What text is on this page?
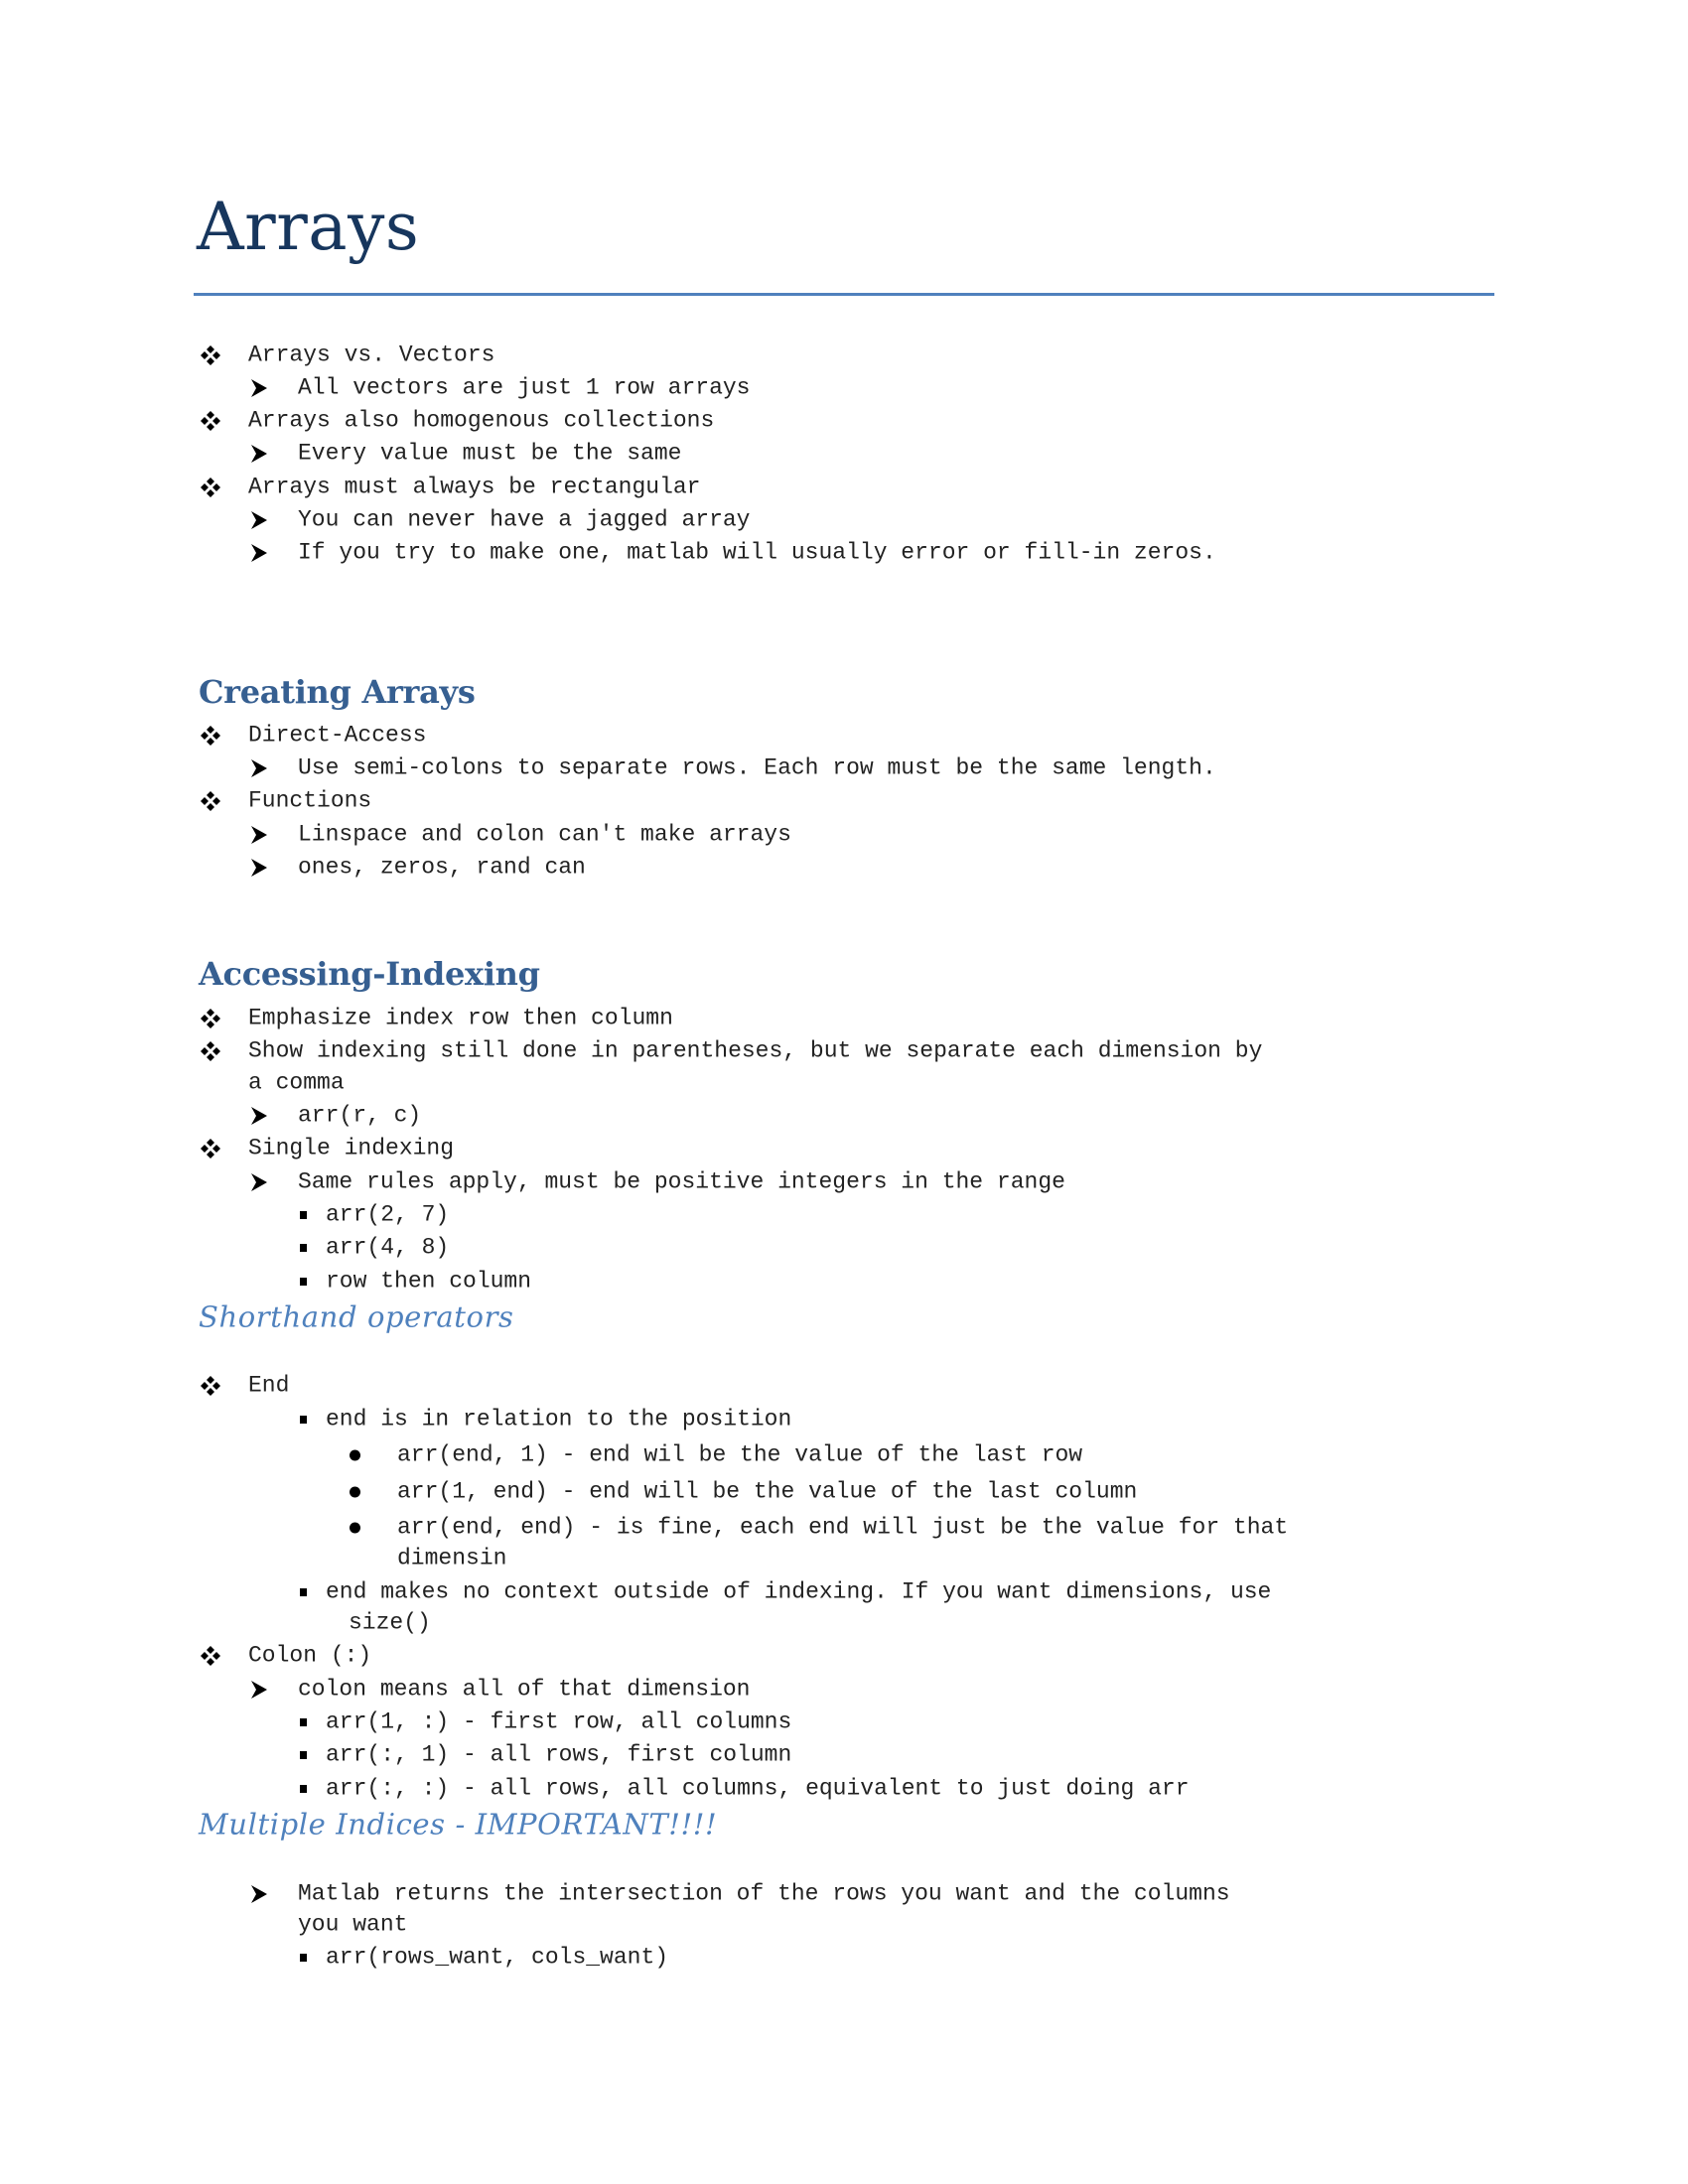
Arrays
Arrays vs. Vectors
All vectors are just 1 row arrays
Arrays also homogenous collections
Every value must be the same
Arrays must always be rectangular
You can never have a jagged array
If you try to make one, matlab will usually error or fill-in zeros.
Creating Arrays
Direct-Access
Use semi-colons to separate rows. Each row must be the same length.
Functions
Linspace and colon can't make arrays
ones, zeros, rand can
Accessing-Indexing
Emphasize index row then column
Show indexing still done in parentheses, but we separate each dimension by
a comma
arr(r, c)
Single indexing
Same rules apply, must be positive integers in the range
arr(2, 7)
arr(4, 8)
row then column
Shorthand operators
End
end is in relation to the position
arr(end, 1) - end wil be the value of the last row
arr(1, end) - end will be the value of the last column
arr(end, end) - is fine, each end will just be the value for that
dimensin
end makes no context outside of indexing. If you want dimensions, use
size()
Colon (:)
colon means all of that dimension
arr(1, :) - first row, all columns
arr(:, 1) - all rows, first column
arr(:, :) - all rows, all columns, equivalent to just doing arr
Multiple Indices - IMPORTANT!!!!
Matlab returns the intersection of the rows you want and the columns
you want
arr(rows_want, cols_want)
